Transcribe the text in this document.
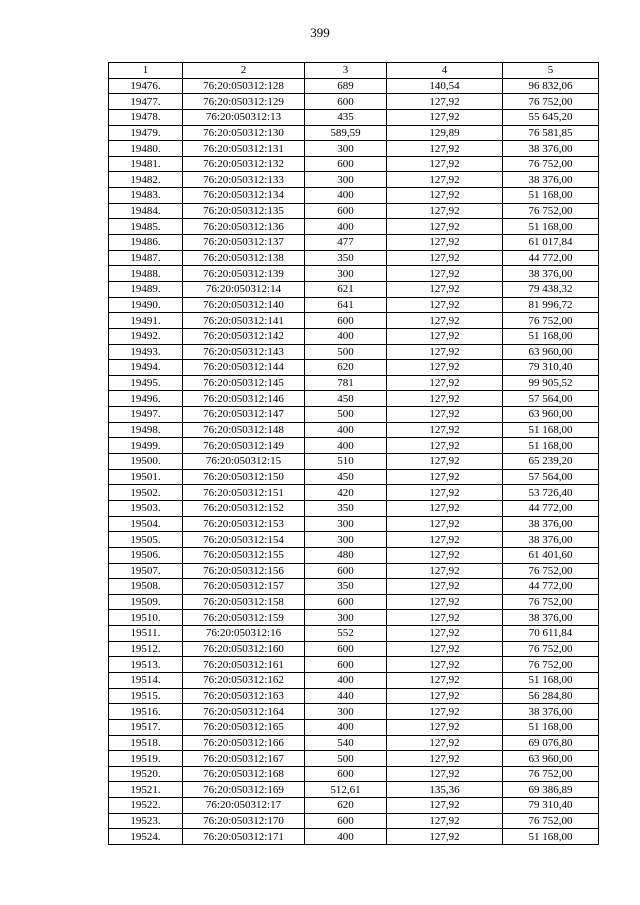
399
1	2	3	4	5
19476.	76:20:050312:128	689	140,54	96 832,06
19477.	76:20:050312:129	600	127,92	76 752,00
19478.	76:20:050312:13	435	127,92	55 645,20
19479.	76:20:050312:130	589,59	129,89	76 581,85
19480.	76:20:050312:131	300	127,92	38 376,00
19481.	76:20:050312:132	600	127,92	76 752,00
19482.	76:20:050312:133	300	127,92	38 376,00
19483.	76:20:050312:134	400	127,92	51 168,00
19484.	76:20:050312:135	600	127,92	76 752,00
19485.	76:20:050312:136	400	127,92	51 168,00
19486.	76:20:050312:137	477	127,92	61 017,84
19487.	76:20:050312:138	350	127,92	44 772,00
19488.	76:20:050312:139	300	127,92	38 376,00
19489.	76:20:050312:14	621	127,92	79 438,32
19490.	76:20:050312:140	641	127,92	81 996,72
19491.	76:20:050312:141	600	127,92	76 752,00
19492.	76:20:050312:142	400	127,92	51 168,00
19493.	76:20:050312:143	500	127,92	63 960,00
19494.	76:20:050312:144	620	127,92	79 310,40
19495.	76:20:050312:145	781	127,92	99 905,52
19496.	76:20:050312:146	450	127,92	57 564,00
19497.	76:20:050312:147	500	127,92	63 960,00
19498.	76:20:050312:148	400	127,92	51 168,00
19499.	76:20:050312:149	400	127,92	51 168,00
19500.	76:20:050312:15	510	127,92	65 239,20
19501.	76:20:050312:150	450	127,92	57 564,00
19502.	76:20:050312:151	420	127,92	53 726,40
19503.	76:20:050312:152	350	127,92	44 772,00
19504.	76:20:050312:153	300	127,92	38 376,00
19505.	76:20:050312:154	300	127,92	38 376,00
19506.	76:20:050312:155	480	127,92	61 401,60
19507.	76:20:050312:156	600	127,92	76 752,00
19508.	76:20:050312:157	350	127,92	44 772,00
19509.	76:20:050312:158	600	127,92	76 752,00
19510.	76:20:050312:159	300	127,92	38 376,00
19511.	76:20:050312:16	552	127,92	70 611,84
19512.	76:20:050312:160	600	127,92	76 752,00
19513.	76:20:050312:161	600	127,92	76 752,00
19514.	76:20:050312:162	400	127,92	51 168,00
19515.	76:20:050312:163	440	127,92	56 284,80
19516.	76:20:050312:164	300	127,92	38 376,00
19517.	76:20:050312:165	400	127,92	51 168,00
19518.	76:20:050312:166	540	127,92	69 076,80
19519.	76:20:050312:167	500	127,92	63 960,00
19520.	76:20:050312:168	600	127,92	76 752,00
19521.	76:20:050312:169	512,61	135,36	69 386,89
19522.	76:20:050312:17	620	127,92	79 310,40
19523.	76:20:050312:170	600	127,92	76 752,00
19524.	76:20:050312:171	400	127,92	51 168,00
